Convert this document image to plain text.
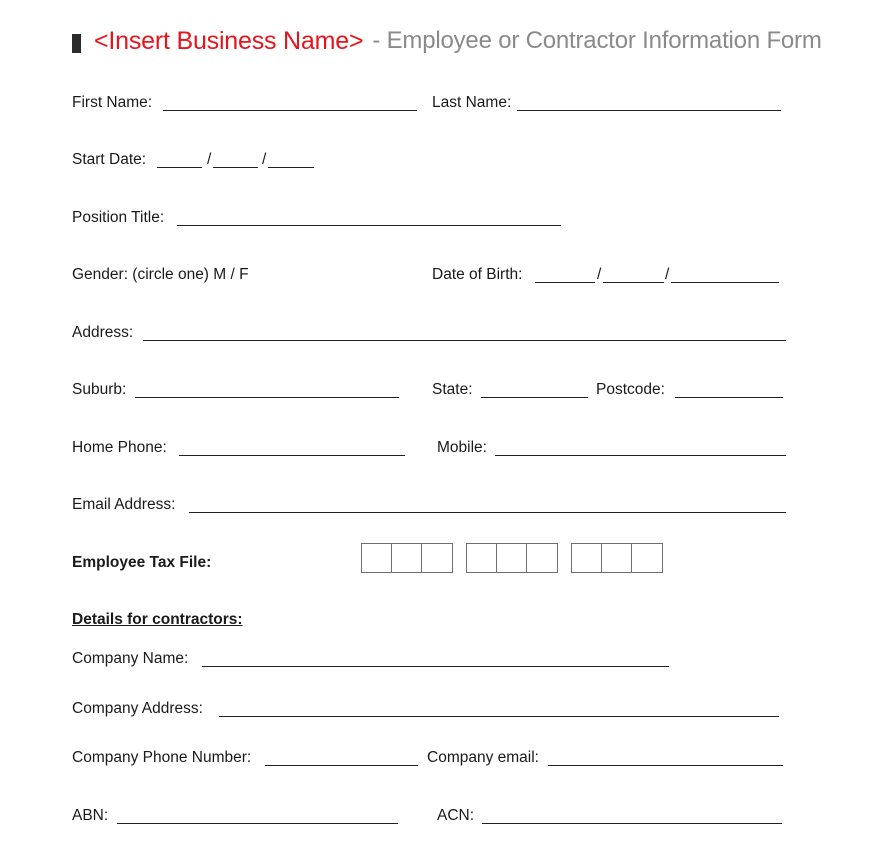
<Insert Business Name> - Employee or Contractor Information Form
First Name:	Last Name:
Start Date:	/	/
Position Title:
Gender: (circle one) M / F	Date of Birth:	/	/
Address:
Suburb:	State:	Postcode:
Home Phone:	Mobile:
Email Address:
Employee Tax File:
Details for contractors:
Company Name:
Company Address:
Company Phone Number:	Company email:
ABN:	ACN:
